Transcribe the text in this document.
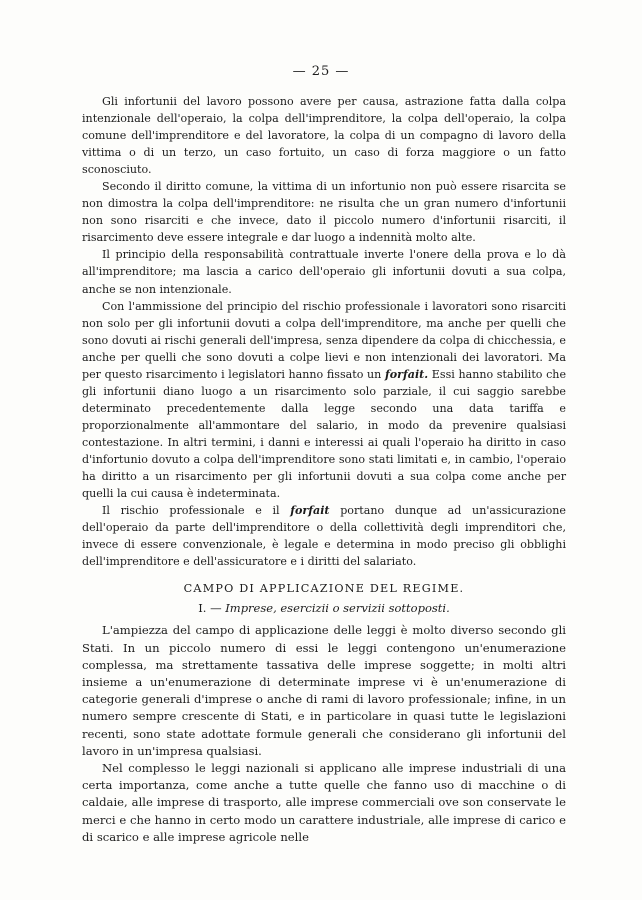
— 25 —

Gli infortunii del lavoro possono avere per causa, astrazione fatta dalla colpa intenzionale dell'operaio, la colpa dell'imprenditore, la colpa dell'operaio, la colpa comune dell'imprenditore e del lavoratore, la colpa di un compagno di lavoro della vittima o di un terzo, un caso fortuito, un caso di forza maggiore o un fatto sconosciuto.

Secondo il diritto comune, la vittima di un infortunio non può essere risarcita se non dimostra la colpa dell'imprenditore: ne risulta che un gran numero d'infortunii non sono risarciti e che invece, dato il piccolo numero d'infortunii risarciti, il risarcimento deve essere integrale e dar luogo a indennità molto alte.

Il principio della responsabilità contrattuale inverte l'onere della prova e lo dà all'imprenditore; ma lascia a carico dell'operaio gli infortunii dovuti a sua colpa, anche se non intenzionale.

Con l'ammissione del principio del rischio professionale i lavoratori sono risarciti non solo per gli infortunii dovuti a colpa dell'imprenditore, ma anche per quelli che sono dovuti ai rischi generali dell'impresa, senza dipendere da colpa di chicchessia, e anche per quelli che sono dovuti a colpe lievi e non intenzionali dei lavoratori. Ma per questo risarcimento i legislatori hanno fissato un forfait. Essi hanno stabilito che gli infortunii diano luogo a un risarcimento solo parziale, il cui saggio sarebbe determinato precedentemente dalla legge secondo una data tariffa e proporzionalmente all'ammontare del salario, in modo da prevenire qualsiasi contestazione. In altri termini, i danni e interessi ai quali l'operaio ha diritto in caso d'infortunio dovuto a colpa dell'imprenditore sono stati limitati e, in cambio, l'operaio ha diritto a un risarcimento per gli infortunii dovuti a sua colpa come anche per quelli la cui causa è indeterminata.

Il rischio professionale e il forfait portano dunque ad un'assicurazione dell'operaio da parte dell'imprenditore o della collettività degli imprenditori che, invece di essere convenzionale, è legale e determina in modo preciso gli obblighi dell'imprenditore e dell'assicuratore e i diritti del salariato.

CAMPO DI APPLICAZIONE DEL REGIME.
I. — Imprese, esercizii o servizii sottoposti.

L'ampiezza del campo di applicazione delle leggi è molto diverso secondo gli Stati. In un piccolo numero di essi le leggi contengono un'enumerazione complessa, ma strettamente tassativa delle imprese soggette; in molti altri insieme a un'enumerazione di determinate imprese vi è un'enumerazione di categorie generali d'imprese o anche di rami di lavoro professionale; infine, in un numero sempre crescente di Stati, e in particolare in quasi tutte le legislazioni recenti, sono state adottate formule generali che considerano gli infortunii del lavoro in un'impresa qualsiasi.

Nel complesso le leggi nazionali si applicano alle imprese industriali di una certa importanza, come anche a tutte quelle che fanno uso di macchine o di caldaie, alle imprese di trasporto, alle imprese commerciali ove son conservate le merci e che hanno in certo modo un carattere industriale, alle imprese di carico e di scarico e alle imprese agricole nelle
